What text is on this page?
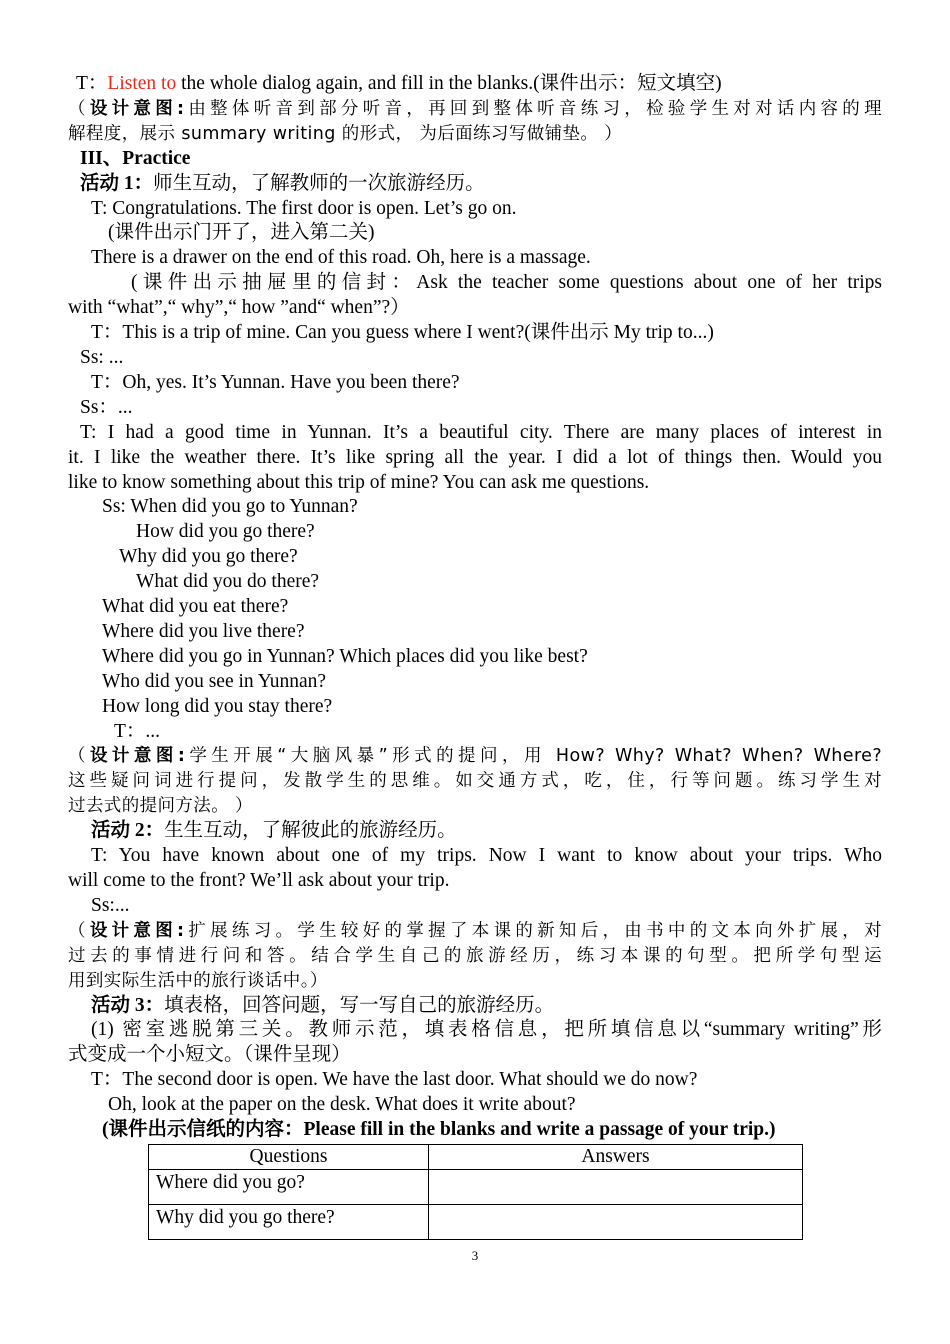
T：Listen to the whole dialog again, and fill in the blanks.(课件出示：短文填空)
（设计意图:由整体听音到部分听音，再回到整体听音练习，检验学生对对话内容的理
解程度，展示 summary writing 的形式， 为后面练习写做铺垫。 ）
III、Practice
活动 1：师生互动，了解教师的一次旅游经历。
T: Congratulations. The first door is open. Let’s go on.
(课件出示门开了，进入第二关)
There is a drawer on the end of this road. Oh, here is a massage.
(课件出示抽屉里的信封：Ask the teacher some questions about one of her trips
with “what”,“ why”,“ how ”and“ when”?）
T：This is a trip of mine. Can you guess where I went?(课件出示 My trip to...)
Ss: ...
T：Oh, yes. It’s Yunnan. Have you been there?
Ss：...
T: I had a good time in Yunnan. It’s a beautiful city. There are many places of interest in
it. I like the weather there. It’s like spring all the year. I did a lot of things then. Would you
like to know something about this trip of mine? You can ask me questions.
Ss: When did you go to Yunnan?
How did you go there?
Why did you go there?
What did you do there?
What did you eat there?
Where did you live there?
Where did you go in Yunnan? Which places did you like best?
Who did you see in Yunnan?
How long did you stay there?
T：...
（设计意图:学生开展“大脑风暴”形式的提问，用 How? Why? What? When? Where?
这些疑问词进行提问，发散学生的思维。如交通方式，吃，住，行等问题。练习学生对
过去式的提问方法。 ）
活动 2：生生互动，了解彼此的旅游经历。
T: You have known about one of my trips. Now I want to know about your trips. Who
will come to the front? We’ll ask about your trip.
Ss:...
（设计意图:扩展练习。学生较好的掌握了本课的新知后，由书中的文本向外扩展，对
过去的事情进行问和答。结合学生自己的旅游经历，练习本课的句型。把所学句型运
用到实际生活中的旅行谈话中。）
活动 3：填表格，回答问题，写一写自己的旅游经历。
(1) 密室逃脱第三关。教师示范，填表格信息，把所填信息以“summary writing”形
式变成一个小短文。（课件呈现）
T：The second door is open. We have the last door. What should we do now?
Oh, look at the paper on the desk. What does it write about?
(课件出示信纸的内容：Please fill in the blanks and write a passage of your trip.)
Questions	Answers
Where did you go?	
Why did you go there?	
3
